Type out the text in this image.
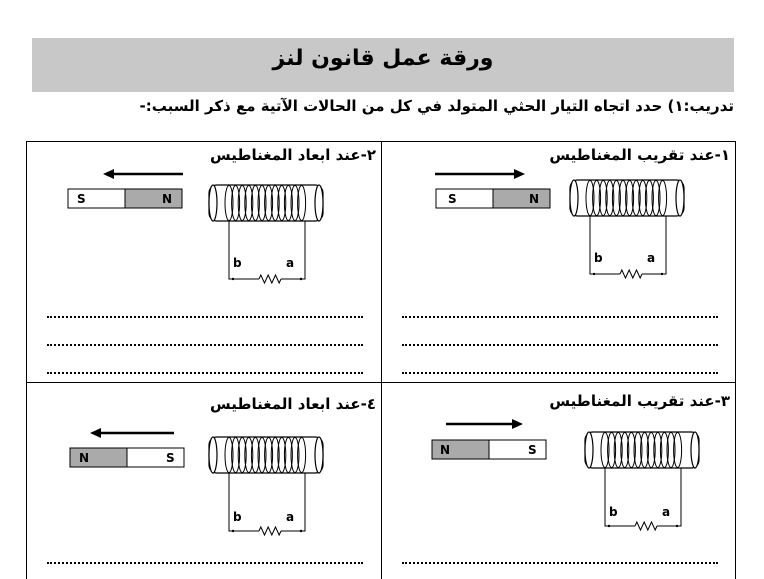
ورقة عمل قانون لنز
تدريب:١) حدد اتجاه التيار الحثي المتولد في كل من الحالات الآتية مع ذكر السبب:-
١-عند تقريب المغناطيس
S	N
b	a
٢-عند ابعاد المغناطيس
S	N
b	a
٣-عند تقريب المغناطيس
N	S
b	a
٤-عند ابعاد المغناطيس
N	S
b	a
